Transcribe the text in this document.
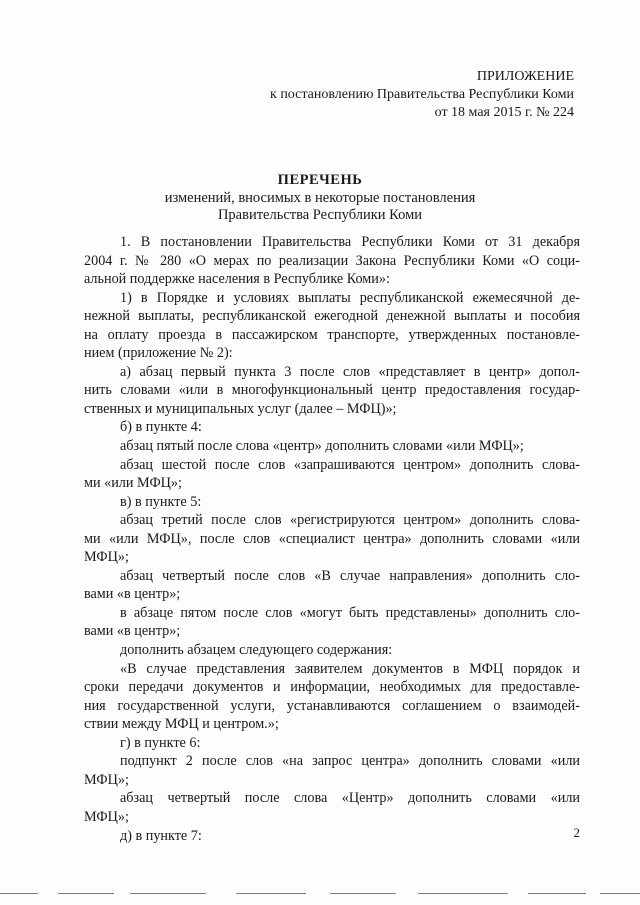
ПРИЛОЖЕНИЕ
к постановлению Правительства Республики Коми
от 18 мая 2015 г. № 224
ПЕРЕЧЕНЬ
изменений, вносимых в некоторые постановления
Правительства Республики Коми
1. В постановлении Правительства Республики Коми от 31 декабря
2004 г. № 280 «О мерах по реализации Закона Республики Коми «О соци-
альной поддержке населения в Республике Коми»:
1) в Порядке и условиях выплаты республиканской ежемесячной де-
нежной выплаты, республиканской ежегодной денежной выплаты и пособия
на оплату проезда в пассажирском транспорте, утвержденных постановле-
нием (приложение № 2):
а) абзац первый пункта 3 после слов «представляет в центр» допол-
нить словами «или в многофункциональный центр предоставления государ-
ственных и муниципальных услуг (далее – МФЦ)»;
б) в пункте 4:
абзац пятый после слова «центр» дополнить словами «или МФЦ»;
абзац шестой после слов «запрашиваются центром» дополнить слова-
ми «или МФЦ»;
в) в пункте 5:
абзац третий после слов «регистрируются центром» дополнить слова-
ми «или МФЦ», после слов «специалист центра» дополнить словами «или
МФЦ»;
абзац четвертый после слов «В случае направления» дополнить сло-
вами «в центр»;
в абзаце пятом после слов «могут быть представлены» дополнить сло-
вами «в центр»;
дополнить абзацем следующего содержания:
«В случае представления заявителем документов в МФЦ порядок и
сроки передачи документов и информации, необходимых для предоставле-
ния государственной услуги, устанавливаются соглашением о взаимодей-
ствии между МФЦ и центром.»;
г) в пункте 6:
подпункт 2 после слов «на запрос центра» дополнить словами «или
МФЦ»;
абзац четвертый после слова «Центр» дополнить словами «или
МФЦ»;
д) в пункте 7:	2
